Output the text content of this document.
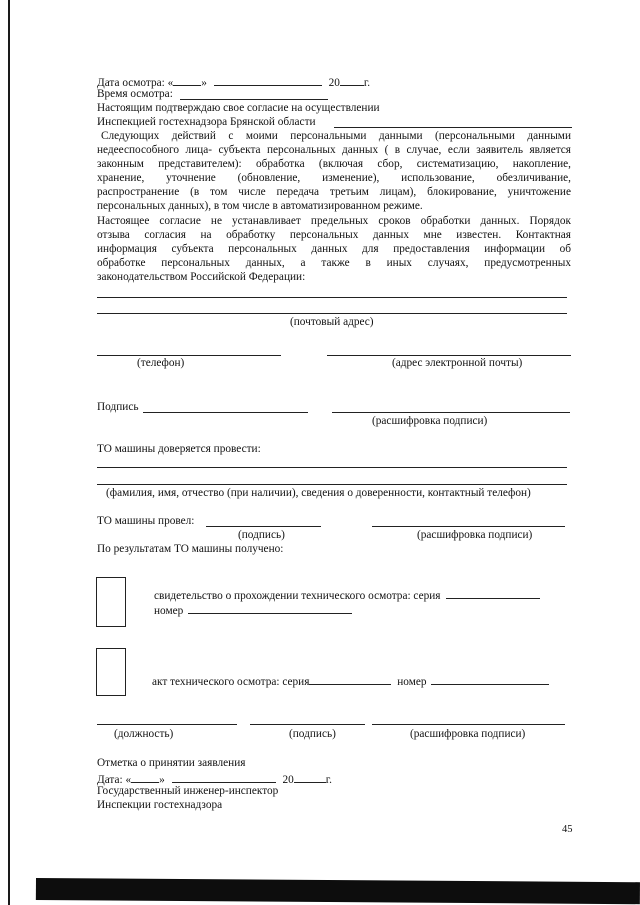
Дата осмотра: « »	20 г.
Время осмотра:
Настоящим подтверждаю свое согласие на осуществлении
Инспекцией гостехнадзора Брянской области
Следующих действий с моими персональными данными (персональными данными
недееспособного лица- субъекта персональных данных ( в случае, если заявитель является
законным представителем): обработка (включая сбор, систематизацию, накопление,
хранение, уточнение (обновление, изменение), использование, обезличивание,
распространение (в том числе передача третьим лицам), блокирование, уничтожение
персональных данных), в том числе в автоматизированном режиме.
Настоящее согласие не устанавливает предельных сроков обработки данных. Порядок
отзыва согласия на обработку персональных данных мне известен. Контактная
информация субъекта персональных данных для предоставления информации об
обработке персональных данных, а также в иных случаях, предусмотренных
законодательством Российской Федерации:
(почтовый адрес)
(телефон)	(адрес электронной почты)
Подпись
(расшифровка подписи)
ТО машины доверяется провести:
(фамилия, имя, отчество (при наличии), сведения о доверенности, контактный телефон)
ТО машины провел:
(подпись)	(расшифровка подписи)
По результатам ТО машины получено:
свидетельство о прохождении технического осмотра: серия
номер
акт технического осмотра: серия	номер
(должность)	(подпись)	(расшифровка подписи)
Отметка о принятии заявления
Дата: « »	20	г.
Государственный инженер-инспектор
Инспекции гостехнадзора
45
